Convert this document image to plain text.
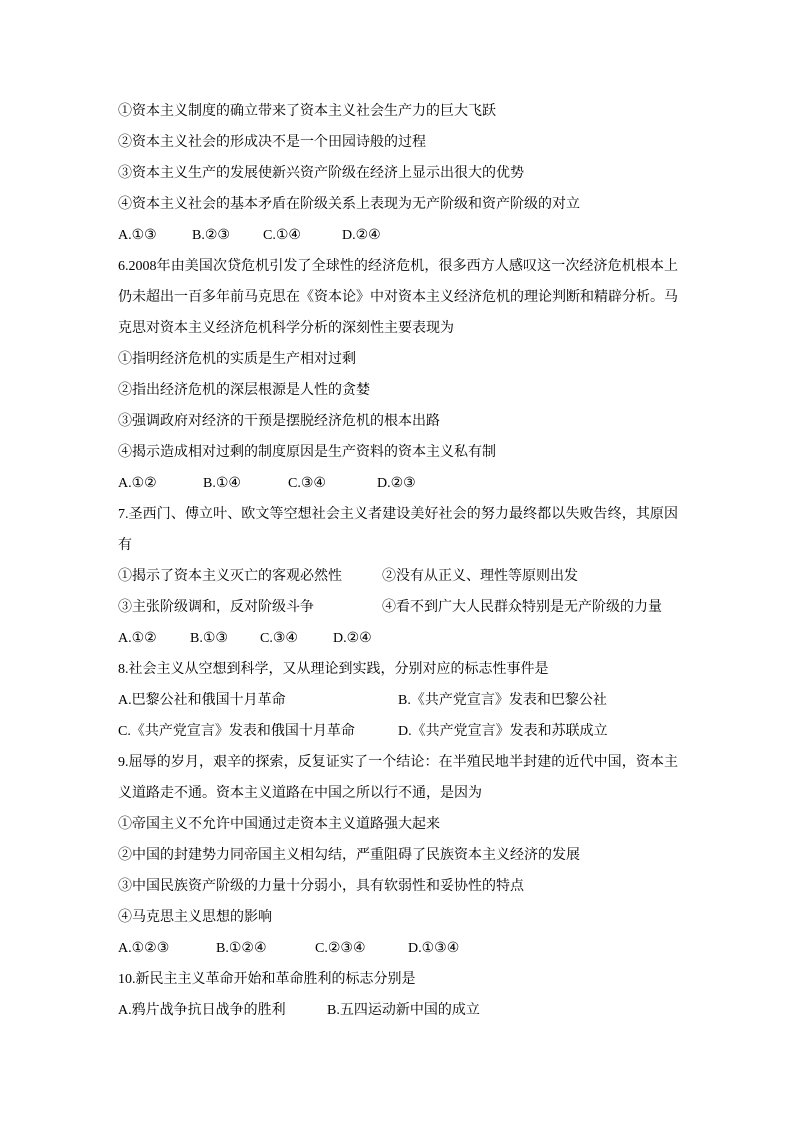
①资本主义制度的确立带来了资本主义社会生产力的巨大飞跃

②资本主义社会的形成决不是一个田园诗般的过程

③资本主义生产的发展使新兴资产阶级在经济上显示出很大的优势

④资本主义社会的基本矛盾在阶级关系上表现为无产阶级和资产阶级的对立

A.①③	B.②③	C.①④	D.②④

6.2008年由美国次贷危机引发了全球性的经济危机，很多西方人感叹这一次经济危机根本上

仍未超出一百多年前马克思在《资本论》中对资本主义经济危机的理论判断和精辟分析。马

克思对资本主义经济危机科学分析的深刻性主要表现为

①指明经济危机的实质是生产相对过剩

②指出经济危机的深层根源是人性的贪婪

③强调政府对经济的干预是摆脱经济危机的根本出路

④揭示造成相对过剩的制度原因是生产资料的资本主义私有制

A.①②	B.①④	C.③④	D.②③

7.圣西门、傅立叶、欧文等空想社会主义者建设美好社会的努力最终都以失败告终，其原因

有

①揭示了资本主义灭亡的客观必然性	②没有从正义、理性等原则出发

③主张阶级调和，反对阶级斗争	④看不到广大人民群众特别是无产阶级的力量

A.①②	B.①③	C.③④	D.②④

8.社会主义从空想到科学，又从理论到实践，分别对应的标志性事件是

A.巴黎公社和俄国十月革命	B.《共产党宣言》发表和巴黎公社

C.《共产党宣言》发表和俄国十月革命	D.《共产党宣言》发表和苏联成立

9.屈辱的岁月，艰辛的探索，反复证实了一个结论：在半殖民地半封建的近代中国，资本主

义道路走不通。资本主义道路在中国之所以行不通，是因为

①帝国主义不允许中国通过走资本主义道路强大起来

②中国的封建势力同帝国主义相勾结，严重阻碍了民族资本主义经济的发展

③中国民族资产阶级的力量十分弱小，具有软弱性和妥协性的特点

④马克思主义思想的影响

A.①②③	B.①②④	C.②③④	D.①③④

10.新民主主义革命开始和革命胜利的标志分别是

A.鸦片战争抗日战争的胜利	B.五四运动新中国的成立
